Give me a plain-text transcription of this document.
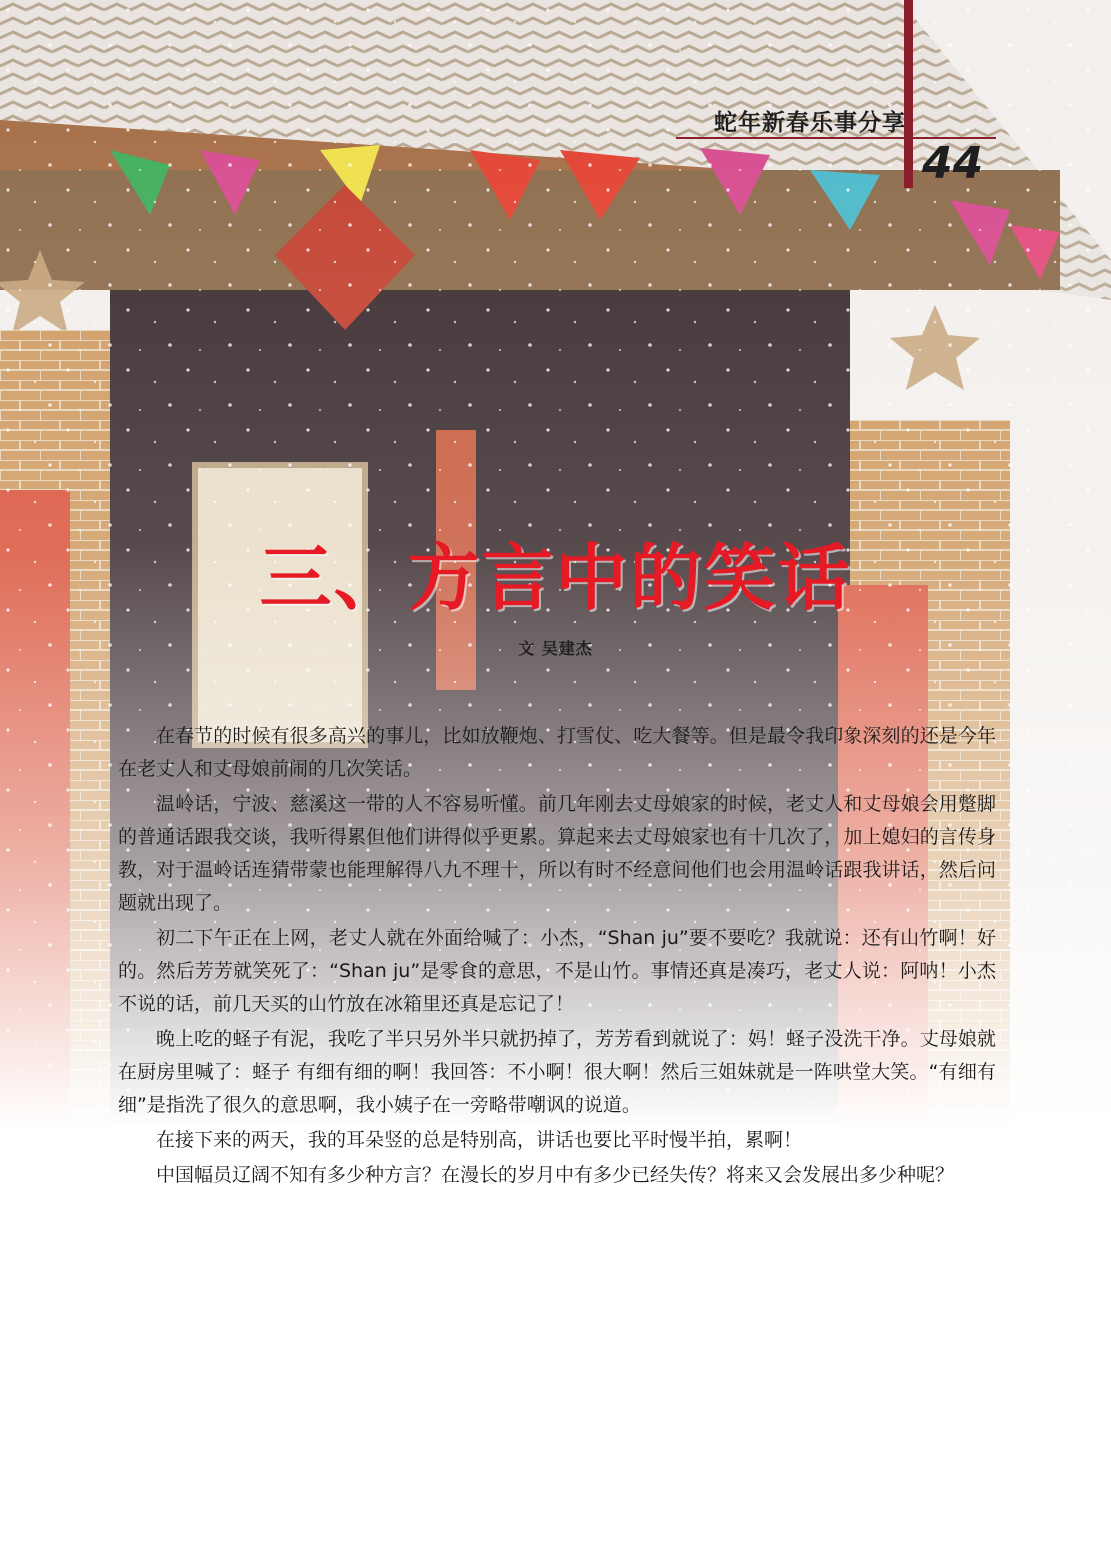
蛇年新春乐事分享
44
三、方言中的笑话
文 吴建杰

在春节的时候有很多高兴的事儿，比如放鞭炮、打雪仗、吃大餐等。但是最令我印象深刻的还是今年在老丈人和丈母娘前闹的几次笑话。

温岭话，宁波、慈溪这一带的人不容易听懂。前几年刚去丈母娘家的时候，老丈人和丈母娘会用蹩脚的普通话跟我交谈，我听得累但他们讲得似乎更累。算起来去丈母娘家也有十几次了，加上媳妇的言传身教，对于温岭话连猜带蒙也能理解得八九不理十，所以有时不经意间他们也会用温岭话跟我讲话，然后问题就出现了。

初二下午正在上网，老丈人就在外面给喊了：小杰，“Shan ju”要不要吃？我就说：还有山竹啊！好的。然后芳芳就笑死了：“Shan ju”是零食的意思，不是山竹。事情还真是凑巧，老丈人说：阿呐！小杰不说的话，前几天买的山竹放在冰箱里还真是忘记了！

晚上吃的蛏子有泥，我吃了半只另外半只就扔掉了，芳芳看到就说了：妈！蛏子没洗干净。丈母娘就在厨房里喊了：蛏子 有细有细的啊！我回答：不小啊！很大啊！然后三姐妹就是一阵哄堂大笑。“有细有细”是指洗了很久的意思啊，我小姨子在一旁略带嘲讽的说道。

在接下来的两天，我的耳朵竖的总是特别高，讲话也要比平时慢半拍，累啊！

中国幅员辽阔不知有多少种方言？在漫长的岁月中有多少已经失传？将来又会发展出多少种呢？
